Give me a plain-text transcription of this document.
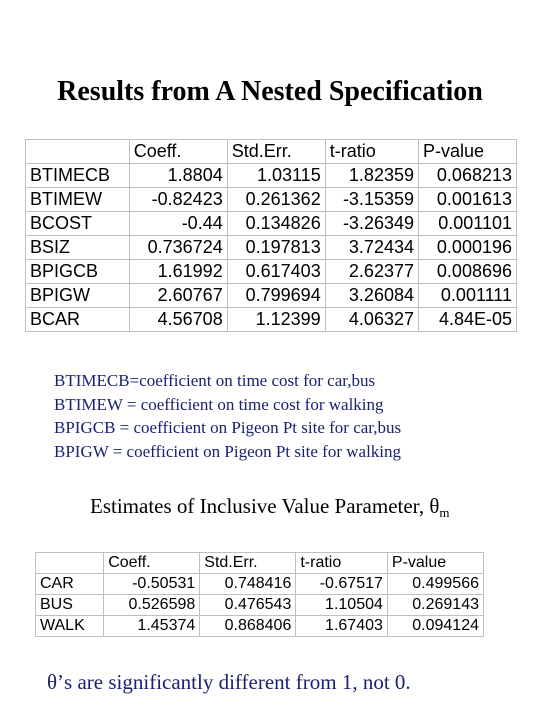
Results from A Nested Specification
	Coeff.	Std.Err.	t-ratio	P-value
BTIMECB	1.8804	1.03115	1.82359	0.068213
BTIMEW	-0.82423	0.261362	-3.15359	0.001613
BCOST	-0.44	0.134826	-3.26349	0.001101
BSIZ	0.736724	0.197813	3.72434	0.000196
BPIGCB	1.61992	0.617403	2.62377	0.008696
BPIGW	2.60767	0.799694	3.26084	0.001111
BCAR	4.56708	1.12399	4.06327	4.84E-05
BTIMECB=coefficient on time cost for car,bus
BTIMEW = coefficient on time cost for walking
BPIGCB = coefficient on Pigeon Pt site for car,bus
BPIGW = coefficient on Pigeon Pt site for walking
Estimates of Inclusive Value Parameter, $\theta_m$
	Coeff.	Std.Err.	t-ratio	P-value
CAR	-0.50531	0.748416	-0.67517	0.499566
BUS	0.526598	0.476543	1.10504	0.269143
WALK	1.45374	0.868406	1.67403	0.094124
θ’s are significantly different from 1, not 0.
